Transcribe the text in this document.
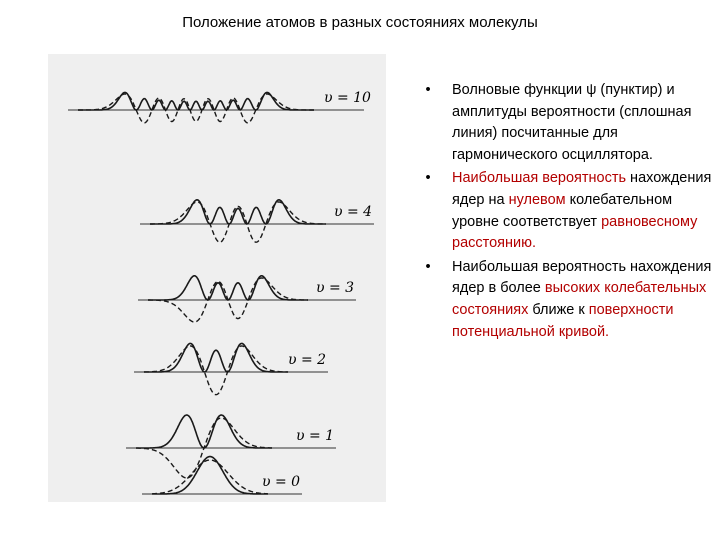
Положение атомов в разных состояниях молекулы
υ = 10
υ = 4
υ = 3
υ = 2
υ = 1
υ = 0
• Волновые функции ψ (пунктир) и амплитуды вероятности (сплошная линия) посчитанные для гармонического осциллятора.
• Наибольшая вероятность нахождения ядер на нулевом колебательном уровне соответствует равновесному расстоянию.
• Наибольшая вероятность нахождения ядер в более высоких колебательных состояниях ближе к поверхности потенциальной кривой.
